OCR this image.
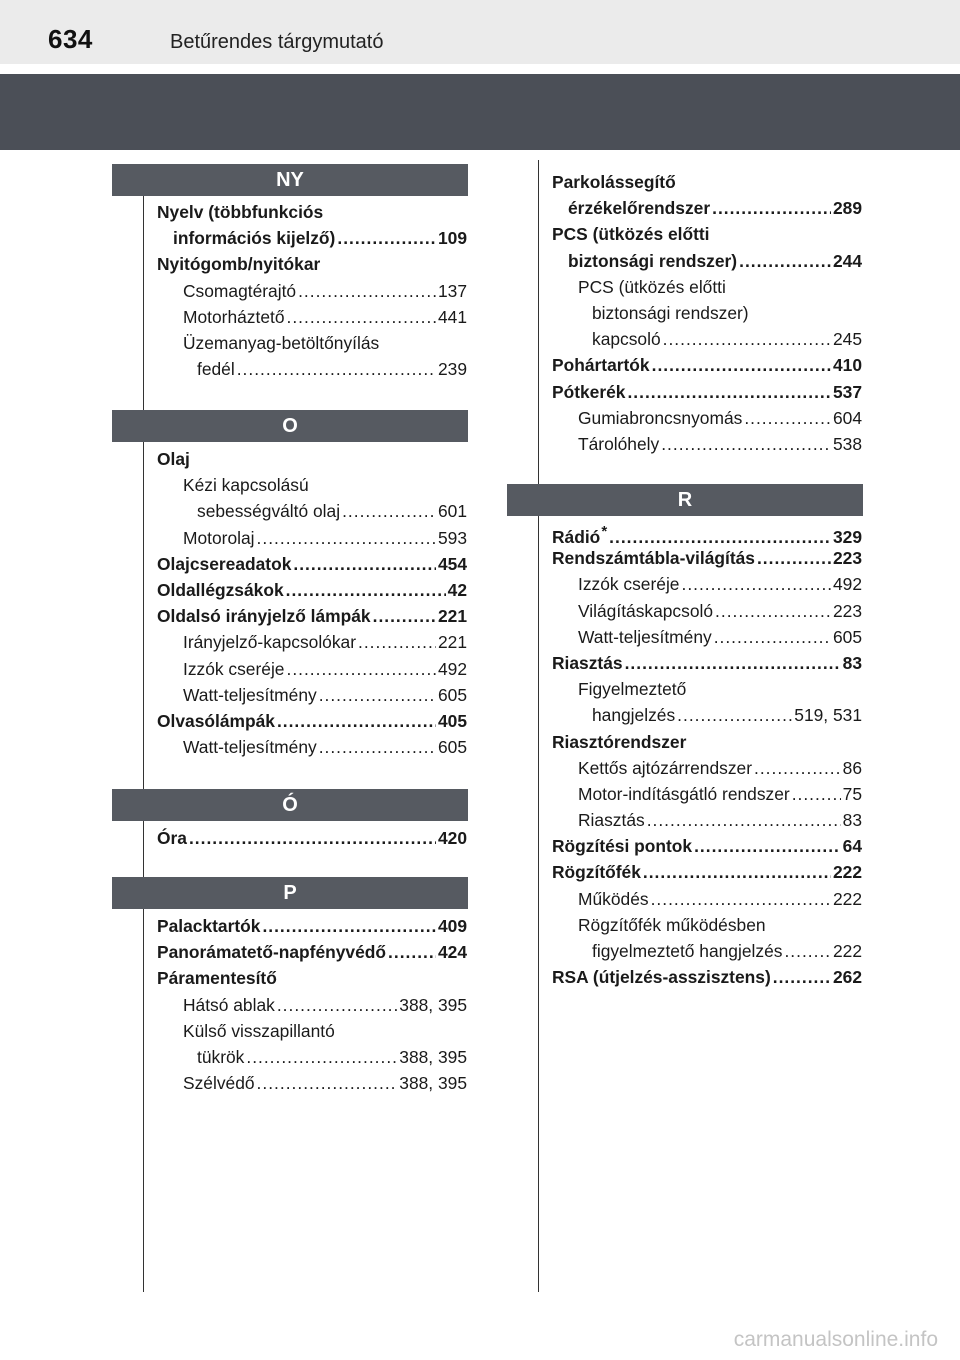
634	Betűrendes tárgymutató
NY
Nyelv (többfunkciós
információs kijelző) .....	109
Nyitógomb/nyitókar
Csomagtérajtó .....	137
Motorháztető .....	441
Üzemanyag-betöltőnyílás
fedél .....	239
O
Olaj
Kézi kapcsolású
sebességváltó olaj .....	601
Motorolaj .....	593
Olajcsereadatok .....	454
Oldallégzsákok .....	42
Oldalsó irányjelző lámpák .....	221
Irányjelző-kapcsolókar .....	221
Izzók cseréje .....	492
Watt-teljesítmény .....	605
Olvasólámpák .....	405
Watt-teljesítmény .....	605
Ó
Óra .....	420
P
Palacktartók .....	409
Panorámatető-napfényvédő .....	424
Páramentesítő
Hátsó ablak .....	388, 395
Külső visszapillantó
tükrök .....	388, 395
Szélvédő .....	388, 395
Parkolássegítő
érzékelőrendszer .....	289
PCS (ütközés előtti
biztonsági rendszer) .....	244
PCS (ütközés előtti
biztonsági rendszer)
kapcsoló .....	245
Pohártartók .....	410
Pótkerék .....	537
Gumiabroncsnyomás .....	604
Tárolóhely .....	538
R
Rádió* .....	329
Rendszámtábla-világítás .....	223
Izzók cseréje .....	492
Világításkapcsoló .....	223
Watt-teljesítmény .....	605
Riasztás .....	83
Figyelmeztető
hangjelzés .....	519, 531
Riasztórendszer
Kettős ajtózárrendszer .....	86
Motor-indításgátló rendszer .....	75
Riasztás .....	83
Rögzítési pontok .....	64
Rögzítőfék .....	222
Működés .....	222
Rögzítőfék működésben
figyelmeztető hangjelzés .....	222
RSA (útjelzés-asszisztens) .....	262
carmanualsonline.info
